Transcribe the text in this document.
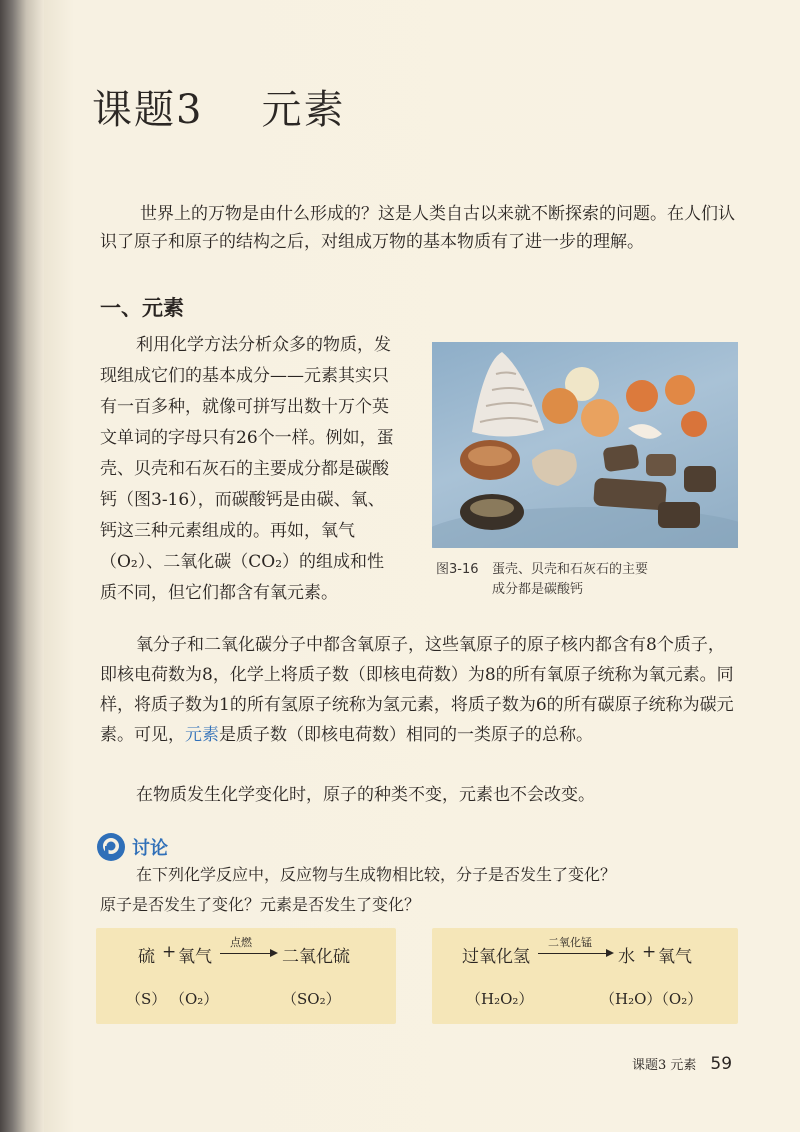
课题3 元素

世界上的万物是由什么形成的？这是人类自古以来就不断探索的问题。在人们认识了原子和原子的结构之后，对组成万物的基本物质有了进一步的理解。

一、元素

利用化学方法分析众多的物质，发现组成它们的基本成分——元素其实只有一百多种，就像可拼写出数十万个英文单词的字母只有26个一样。例如，蛋壳、贝壳和石灰石的主要成分都是碳酸钙（图3-16），而碳酸钙是由碳、氧、钙这三种元素组成的。再如，氧气（O₂）、二氧化碳（CO₂）的组成和性质不同，但它们都含有氧元素。

图3-16 蛋壳、贝壳和石灰石的主要
成分都是碳酸钙

氧分子和二氧化碳分子中都含氧原子，这些氧原子的原子核内都含有8个质子，即核电荷数为8，化学上将质子数（即核电荷数）为8的所有氧原子统称为氧元素。同样，将质子数为1的所有氢原子统称为氢元素，将质子数为6的所有碳原子统称为碳元素。可见，元素是质子数（即核电荷数）相同的一类原子的总称。

在物质发生化学变化时，原子的种类不变，元素也不会改变。

讨论

在下列化学反应中，反应物与生成物相比较，分子是否发生了变化？原子是否发生了变化？元素是否发生了变化？

硫 + 氧气
点燃
→ 二氧化硫
（S） （O₂）	（SO₂）
过氧化氢
二氧化锰
水 + 氧气
（H₂O₂）	（H₂O）（O₂）
课题3 元素 59
